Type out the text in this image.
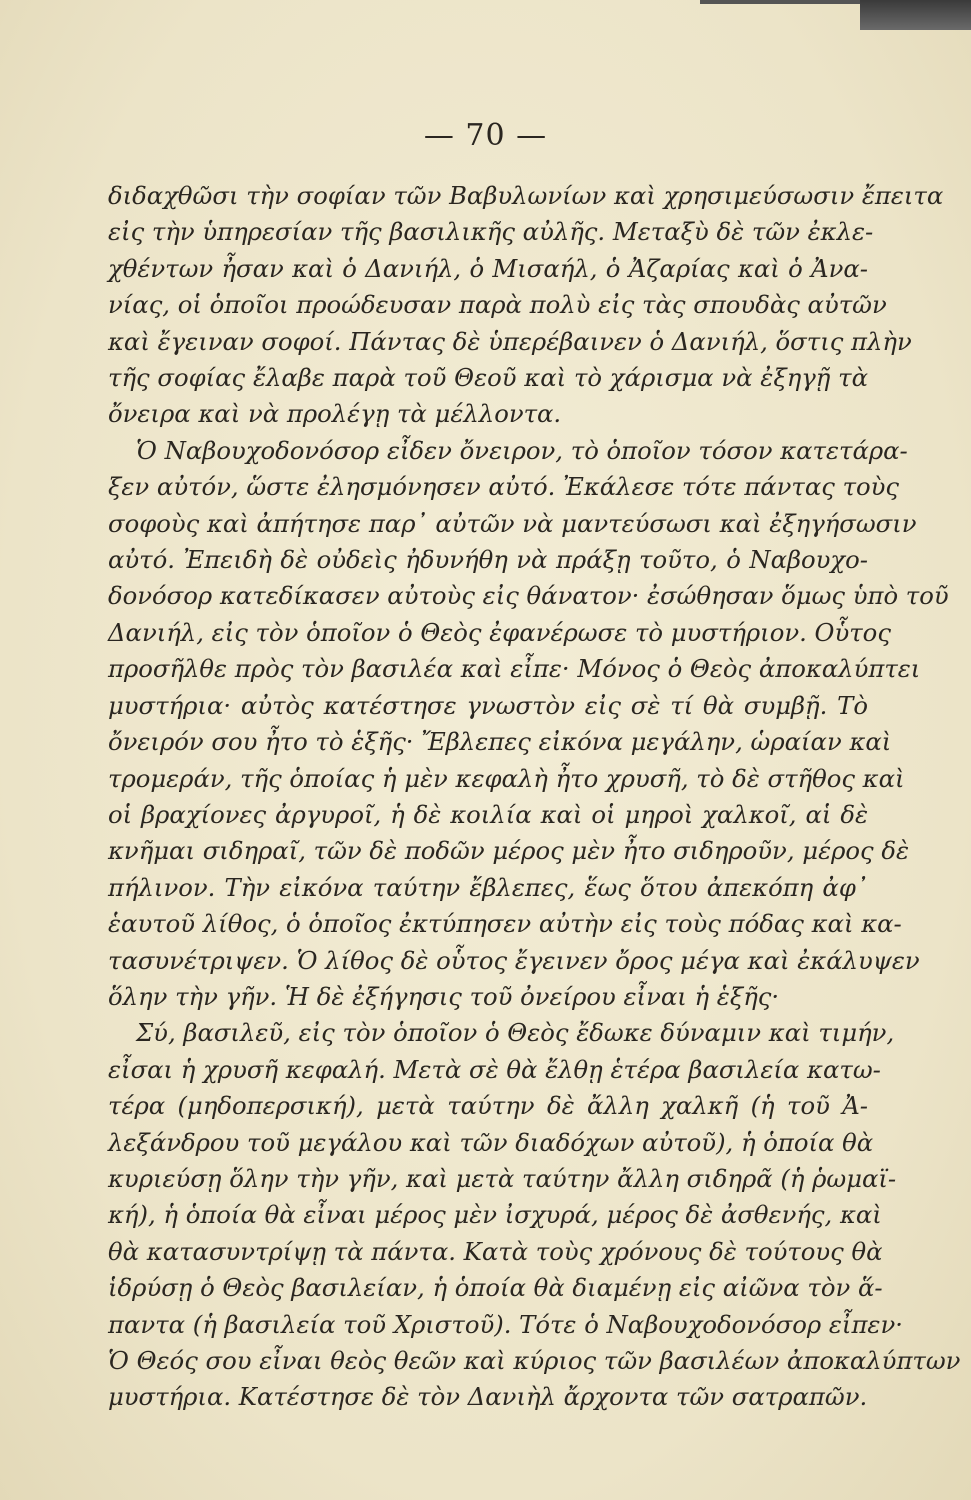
— 70 —
διδαχθῶσι τὴν σοφίαν τῶν Βαβυλωνίων καὶ χρησιμεύσωσιν ἔπειτα
εἰς τὴν ὑπηρεσίαν τῆς βασιλικῆς αὐλῆς. Μεταξὺ δὲ τῶν ἐκλε-
χθέντων ἦσαν καὶ ὁ Δανιήλ, ὁ Μισαήλ, ὁ Ἀζαρίας καὶ ὁ Ἀνα-
νίας, οἱ ὁποῖοι προώδευσαν παρὰ πολὺ εἰς τὰς σπουδὰς αὐτῶν
καὶ ἔγειναν σοφοί. Πάντας δὲ ὑπερέβαινεν ὁ Δανιήλ, ὅστις πλὴν
τῆς σοφίας ἔλαβε παρὰ τοῦ Θεοῦ καὶ τὸ χάρισμα νὰ ἐξηγῇ τὰ
ὄνειρα καὶ νὰ προλέγῃ τὰ μέλλοντα.
Ὁ Ναβουχοδονόσορ εἶδεν ὄνειρον, τὸ ὁποῖον τόσον κατετάρα-
ξεν αὐτόν, ὥστε ἐλησμόνησεν αὐτό. Ἐκάλεσε τότε πάντας τοὺς
σοφοὺς καὶ ἀπήτησε παρ᾽ αὐτῶν νὰ μαντεύσωσι καὶ ἐξηγήσωσιν
αὐτό. Ἐπειδὴ δὲ οὐδεὶς ἠδυνήθη νὰ πράξῃ τοῦτο, ὁ Ναβουχο-
δονόσορ κατεδίκασεν αὐτοὺς εἰς θάνατον· ἐσώθησαν ὅμως ὑπὸ τοῦ
Δανιήλ, εἰς τὸν ὁποῖον ὁ Θεὸς ἐφανέρωσε τὸ μυστήριον. Οὗτος
προσῆλθε πρὸς τὸν βασιλέα καὶ εἶπε· Μόνος ὁ Θεὸς ἀποκαλύπτει
μυστήρια· αὐτὸς κατέστησε γνωστὸν εἰς σὲ τί θὰ συμβῇ. Τὸ
ὄνειρόν σου ἦτο τὸ ἑξῆς· Ἔβλεπες εἰκόνα μεγάλην, ὡραίαν καὶ
τρομεράν, τῆς ὁποίας ἡ μὲν κεφαλὴ ἦτο χρυσῆ, τὸ δὲ στῆθος καὶ
οἱ βραχίονες ἀργυροῖ, ἡ δὲ κοιλία καὶ οἱ μηροὶ χαλκοῖ, αἱ δὲ
κνῆμαι σιδηραῖ, τῶν δὲ ποδῶν μέρος μὲν ἦτο σιδηροῦν, μέρος δὲ
πήλινον. Τὴν εἰκόνα ταύτην ἔβλεπες, ἕως ὅτου ἀπεκόπη ἀφ᾽
ἑαυτοῦ λίθος, ὁ ὁποῖος ἐκτύπησεν αὐτὴν εἰς τοὺς πόδας καὶ κα-
τασυνέτριψεν. Ὁ λίθος δὲ οὗτος ἔγεινεν ὄρος μέγα καὶ ἐκάλυψεν
ὅλην τὴν γῆν. Ἡ δὲ ἐξήγησις τοῦ ὀνείρου εἶναι ἡ ἑξῆς·
Σύ, βασιλεῦ, εἰς τὸν ὁποῖον ὁ Θεὸς ἔδωκε δύναμιν καὶ τιμήν,
εἶσαι ἡ χρυσῆ κεφαλή. Μετὰ σὲ θὰ ἔλθῃ ἑτέρα βασιλεία κατω-
τέρα (μηδοπερσική), μετὰ ταύτην δὲ ἄλλη χαλκῆ (ἡ τοῦ Ἀ-
λεξάνδρου τοῦ μεγάλου καὶ τῶν διαδόχων αὐτοῦ), ἡ ὁποία θὰ
κυριεύσῃ ὅλην τὴν γῆν, καὶ μετὰ ταύτην ἄλλη σιδηρᾶ (ἡ ῥωμαϊ-
κή), ἡ ὁποία θὰ εἶναι μέρος μὲν ἰσχυρά, μέρος δὲ ἀσθενής, καὶ
θὰ κατασυντρίψῃ τὰ πάντα. Κατὰ τοὺς χρόνους δὲ τούτους θὰ
ἱδρύσῃ ὁ Θεὸς βασιλείαν, ἡ ὁποία θὰ διαμένῃ εἰς αἰῶνα τὸν ἅ-
παντα (ἡ βασιλεία τοῦ Χριστοῦ). Τότε ὁ Ναβουχοδονόσορ εἶπεν·
Ὁ Θεός σου εἶναι θεὸς θεῶν καὶ κύριος τῶν βασιλέων ἀποκαλύπτων
μυστήρια. Κατέστησε δὲ τὸν Δανιὴλ ἄρχοντα τῶν σατραπῶν.
